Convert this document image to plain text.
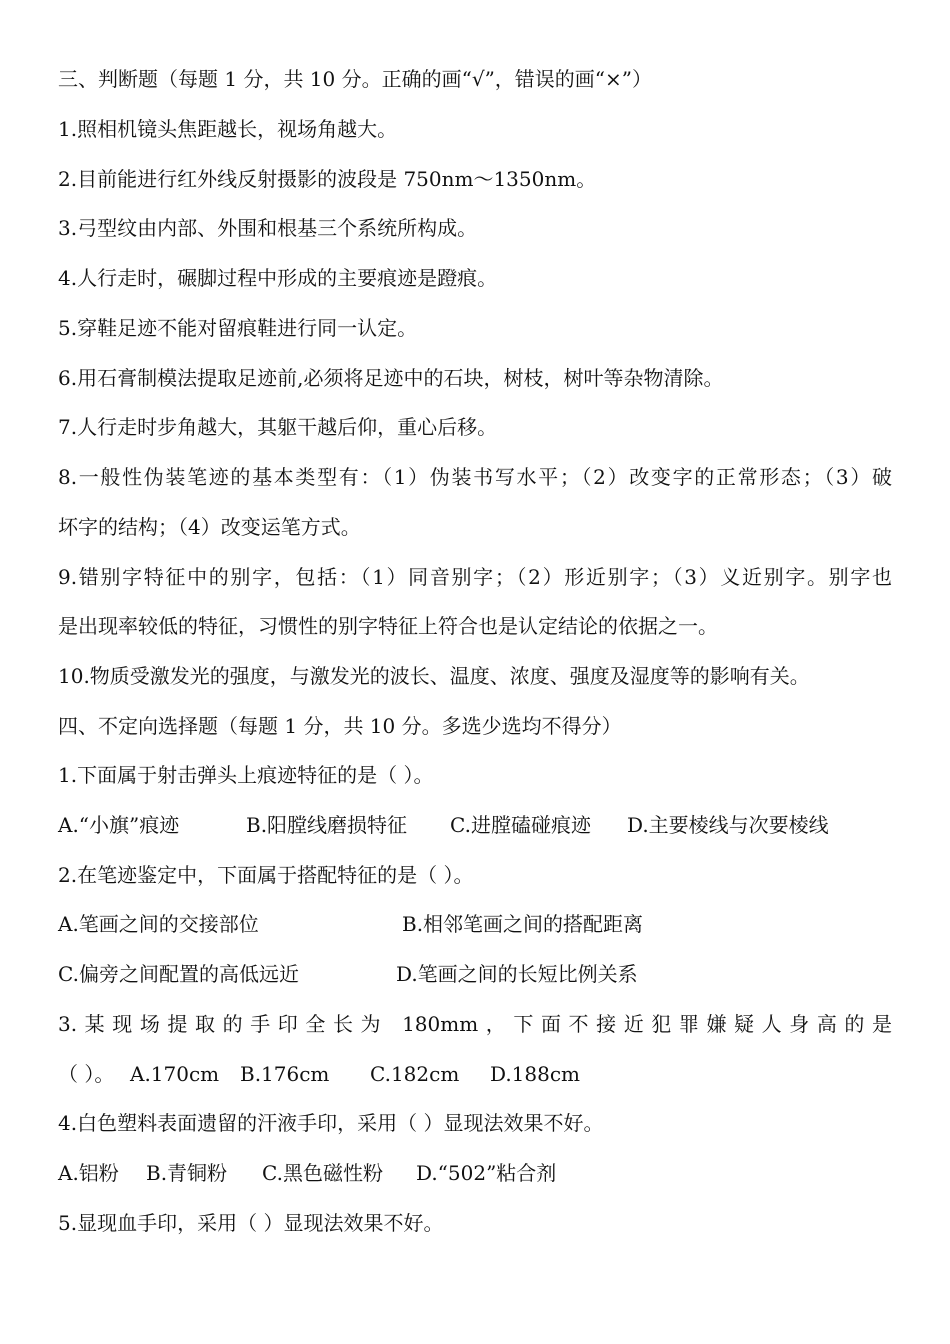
三、判断题（每题 1 分，共 10 分。正确的画“√”，错误的画“×”）
1.照相机镜头焦距越长，视场角越大。
2.目前能进行红外线反射摄影的波段是 750nm～1350nm。
3.弓型纹由内部、外围和根基三个系统所构成。
4.人行走时，碾脚过程中形成的主要痕迹是蹬痕。
5.穿鞋足迹不能对留痕鞋进行同一认定。
6.用石膏制模法提取足迹前,必须将足迹中的石块，树枝，树叶等杂物清除。
7.人行走时步角越大，其躯干越后仰，重心后移。
8.一般性伪装笔迹的基本类型有：（1）伪装书写水平；（2）改变字的正常形态；（3）破
坏字的结构；（4）改变运笔方式。
9.错别字特征中的别字，包括：（1）同音别字；（2）形近别字；（3）义近别字。别字也
是出现率较低的特征，习惯性的别字特征上符合也是认定结论的依据之一。
10.物质受激发光的强度，与激发光的波长、温度、浓度、强度及湿度等的影响有关。
四、不定向选择题（每题 1 分，共 10 分。多选少选均不得分）
1.下面属于射击弹头上痕迹特征的是（ ）。
A.“小旗”痕迹	B.阳膛线磨损特征 C.进膛磕碰痕迹 D.主要棱线与次要棱线
2.在笔迹鉴定中，下面属于搭配特征的是（ ）。
A.笔画之间的交接部位	B.相邻笔画之间的搭配距离
C.偏旁之间配置的高低远近	D.笔画之间的长短比例关系
3.某现场提取的手印全长为 180mm，下面不接近犯罪嫌疑人身高的是
（ ）。 A.170cm B.176cm C.182cm D.188cm
4.白色塑料表面遗留的汗液手印，采用（ ）显现法效果不好。
A.铝粉 B.青铜粉 C.黑色磁性粉 D.“502”粘合剂
5.显现血手印，采用（ ）显现法效果不好。
